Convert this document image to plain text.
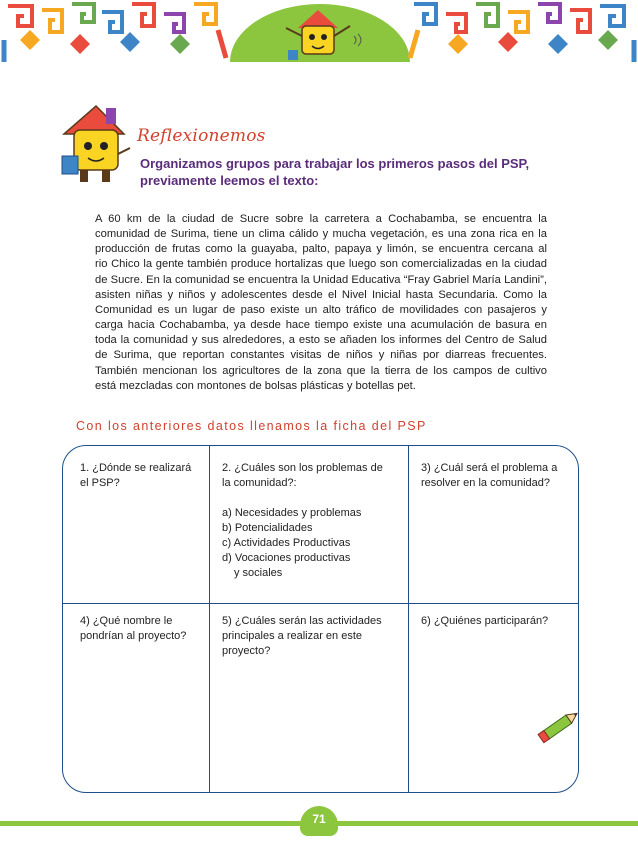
Reflexionemos
Organizamos grupos para trabajar los primeros pasos del PSP,
previamente leemos el texto:
A 60 km de la ciudad de Sucre sobre la carretera a Cochabamba, se encuentra la
comunidad de Surima, tiene un clima cálido y mucha vegetación, es una zona rica en la
producción de frutas como la guayaba, palto, papaya y limón, se encuentra cercana al
rio Chico la gente también produce hortalizas que luego son comercializadas en la ciudad
de Sucre. En la comunidad se encuentra la Unidad Educativa “Fray Gabriel María Landini”,
asisten niñas y niños y adolescentes desde el Nivel Inicial hasta Secundaria. Como la
Comunidad es un lugar de paso existe un alto tráfico de movilidades con pasajeros y
carga hacia Cochabamba, ya desde hace tiempo existe una acumulación de basura en
toda la comunidad y sus alrededores, a esto se añaden los informes del Centro de Salud
de Surima, que reportan constantes visitas de niños y niñas por diarreas frecuentes.
También mencionan los agricultores de la zona que la tierra de los campos de cultivo
está mezcladas con montones de bolsas plásticas y botellas pet.
Con los anteriores datos llenamos la ficha del PSP
1. ¿Dónde se realizará
el PSP?
2. ¿Cuáles son los problemas de
la comunidad?:
a) Necesidades y problemas
b) Potencialidades
c) Actividades Productivas
d) Vocaciones productivas
y sociales
3) ¿Cuál será el problema a
resolver en la comunidad?
4) ¿Qué nombre le
pondrían al proyecto?
5) ¿Cuáles serán las actividades
principales a realizar en este
proyecto?
6) ¿Quiénes participarán?
71
